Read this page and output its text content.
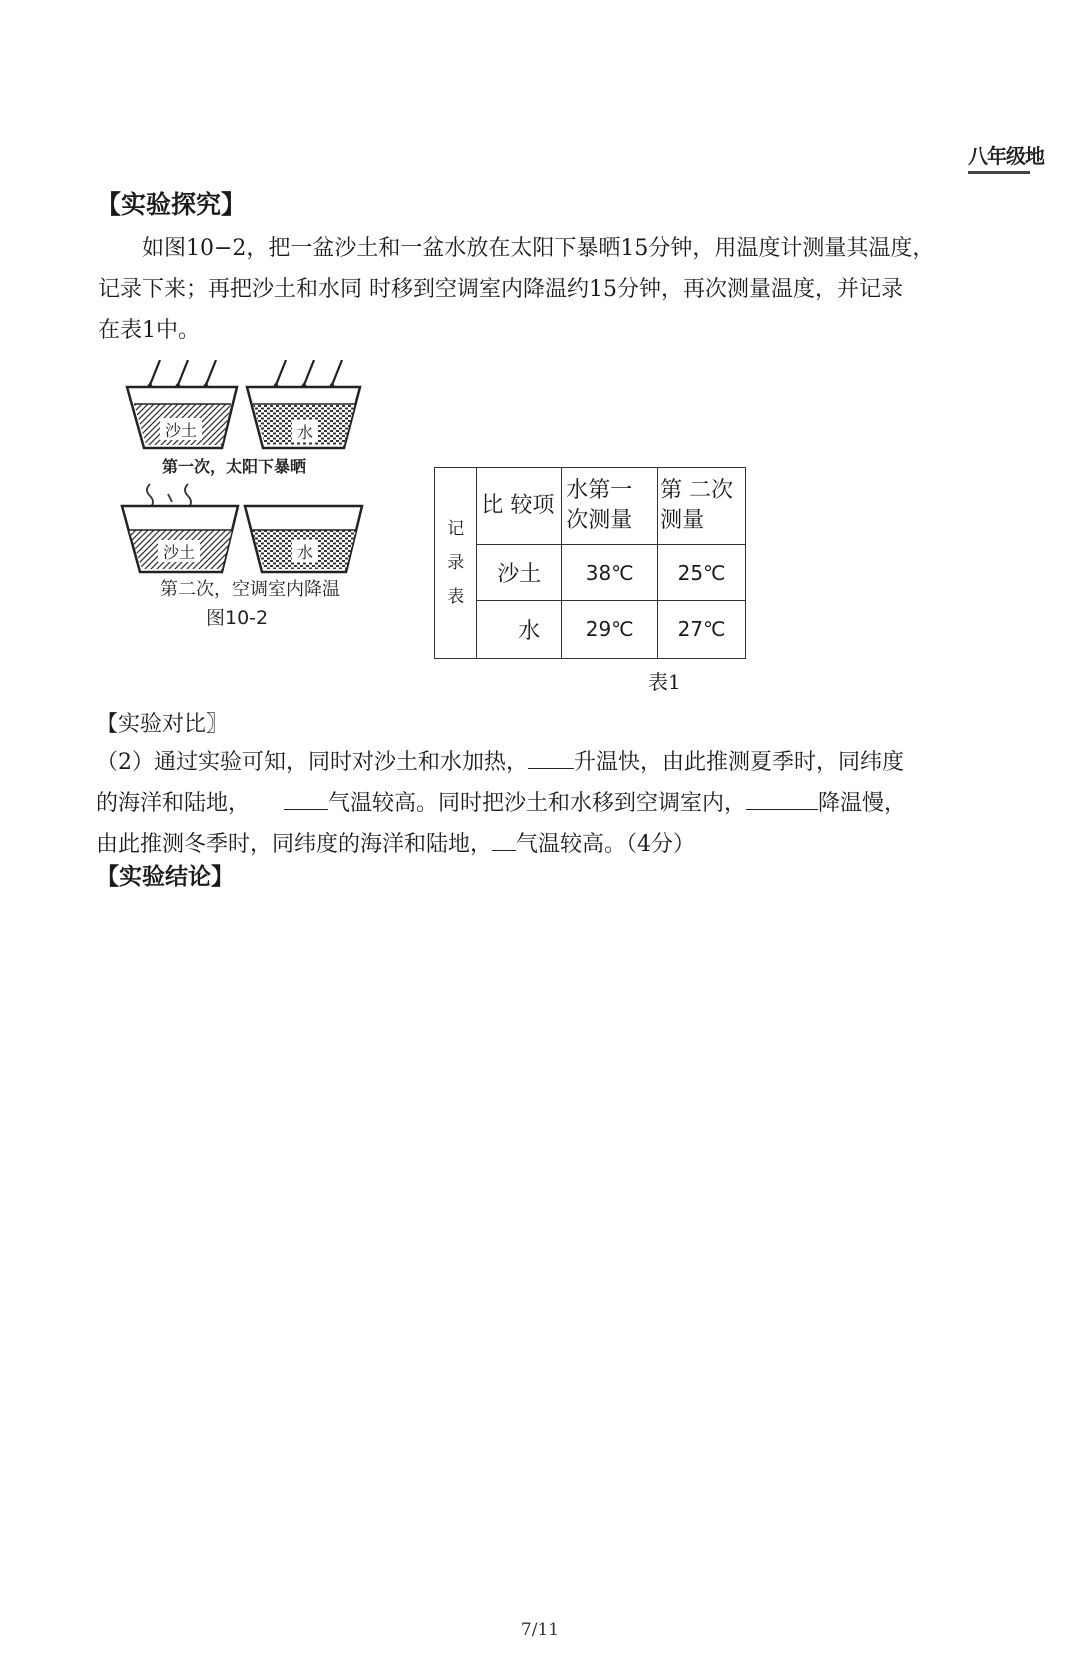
八年级地
【实验探究】
如图10−2，把一盆沙土和一盆水放在太阳下暴晒15分钟，用温度计测量其温度，
记录下来；再把沙土和水同 时移到空调室内降温约15分钟，再次测量温度，并记录
在表1中。
沙土	水
第一次，太阳下暴晒
沙土	水
第二次，空调室内降温
图10-2
记
录
表	比 较项	水第一次测量	第 二次测量

	沙土	38℃	25℃
	水	29℃	27℃
表1
【实验对比〗
（2）通过实验可知，同时对沙土和水加热， 升温快，由此推测夏季时，同纬度
的海洋和陆地，	气温较高。同时把沙土和水移到空调室内，	降温慢，
由此推测冬季时，同纬度的海洋和陆地， 气温较高。（4分）
【实验结论】
7/11
